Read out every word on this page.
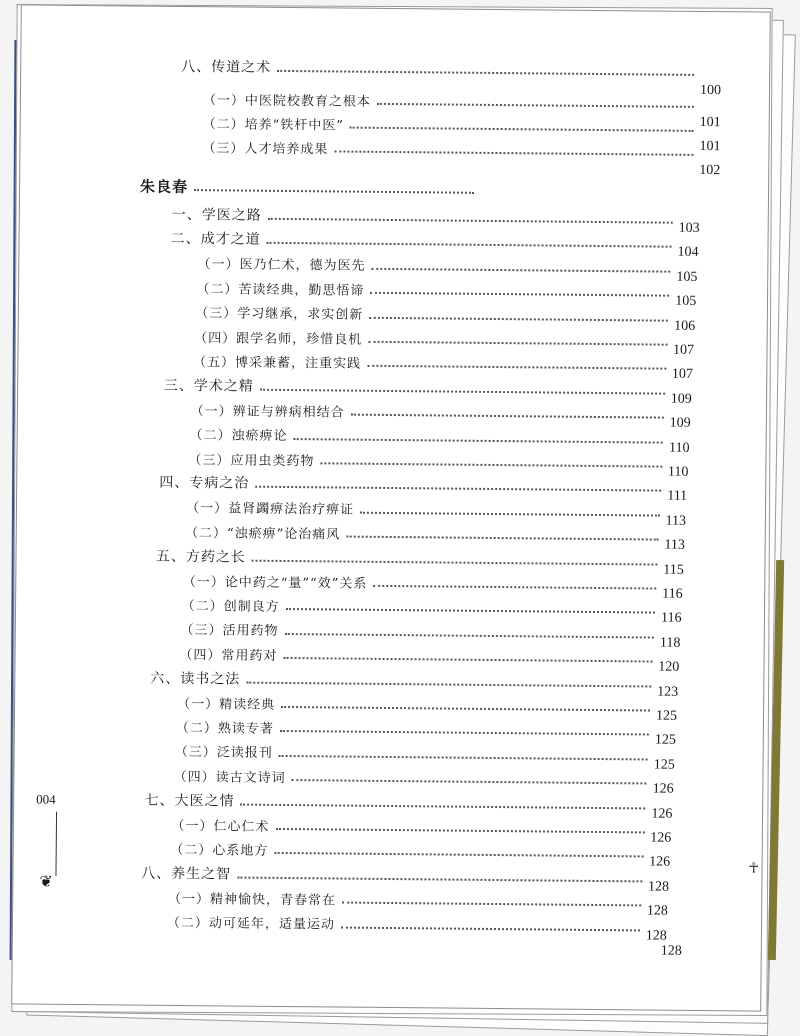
八、传道之术
100
（一）中医院校教育之根本
101
（二）培养“铁杆中医”
101
（三）人才培养成果
102
朱良春
一、学医之路
103
二、成才之道
104
（一）医乃仁术，德为医先
105
（二）苦读经典，勤思悟谛
105
（三）学习继承，求实创新
106
（四）跟学名师，珍惜良机
107
（五）博采兼蓄，注重实践
107
三、学术之精
109
（一）辨证与辨病相结合
109
（二）浊瘀痹论
110
（三）应用虫类药物
110
四、专病之治
111
（一）益肾蠲痹法治疗痹证
113
（二）“浊瘀痹”论治痛风
113
五、方药之长
115
（一）论中药之“量”“效”关系
116
（二）创制良方
116
（三）活用药物
118
（四）常用药对
120
六、读书之法
123
（一）精读经典
125
（二）熟读专著
125
（三）泛读报刊
125
（四）读古文诗词
126
七、大医之情
126
（一）仁心仁术
126
（二）心系地方
126
八、养生之智
128
（一）精神愉快，青春常在
128
（二）动可延年，适量运动
128
128
004
❦
☥
